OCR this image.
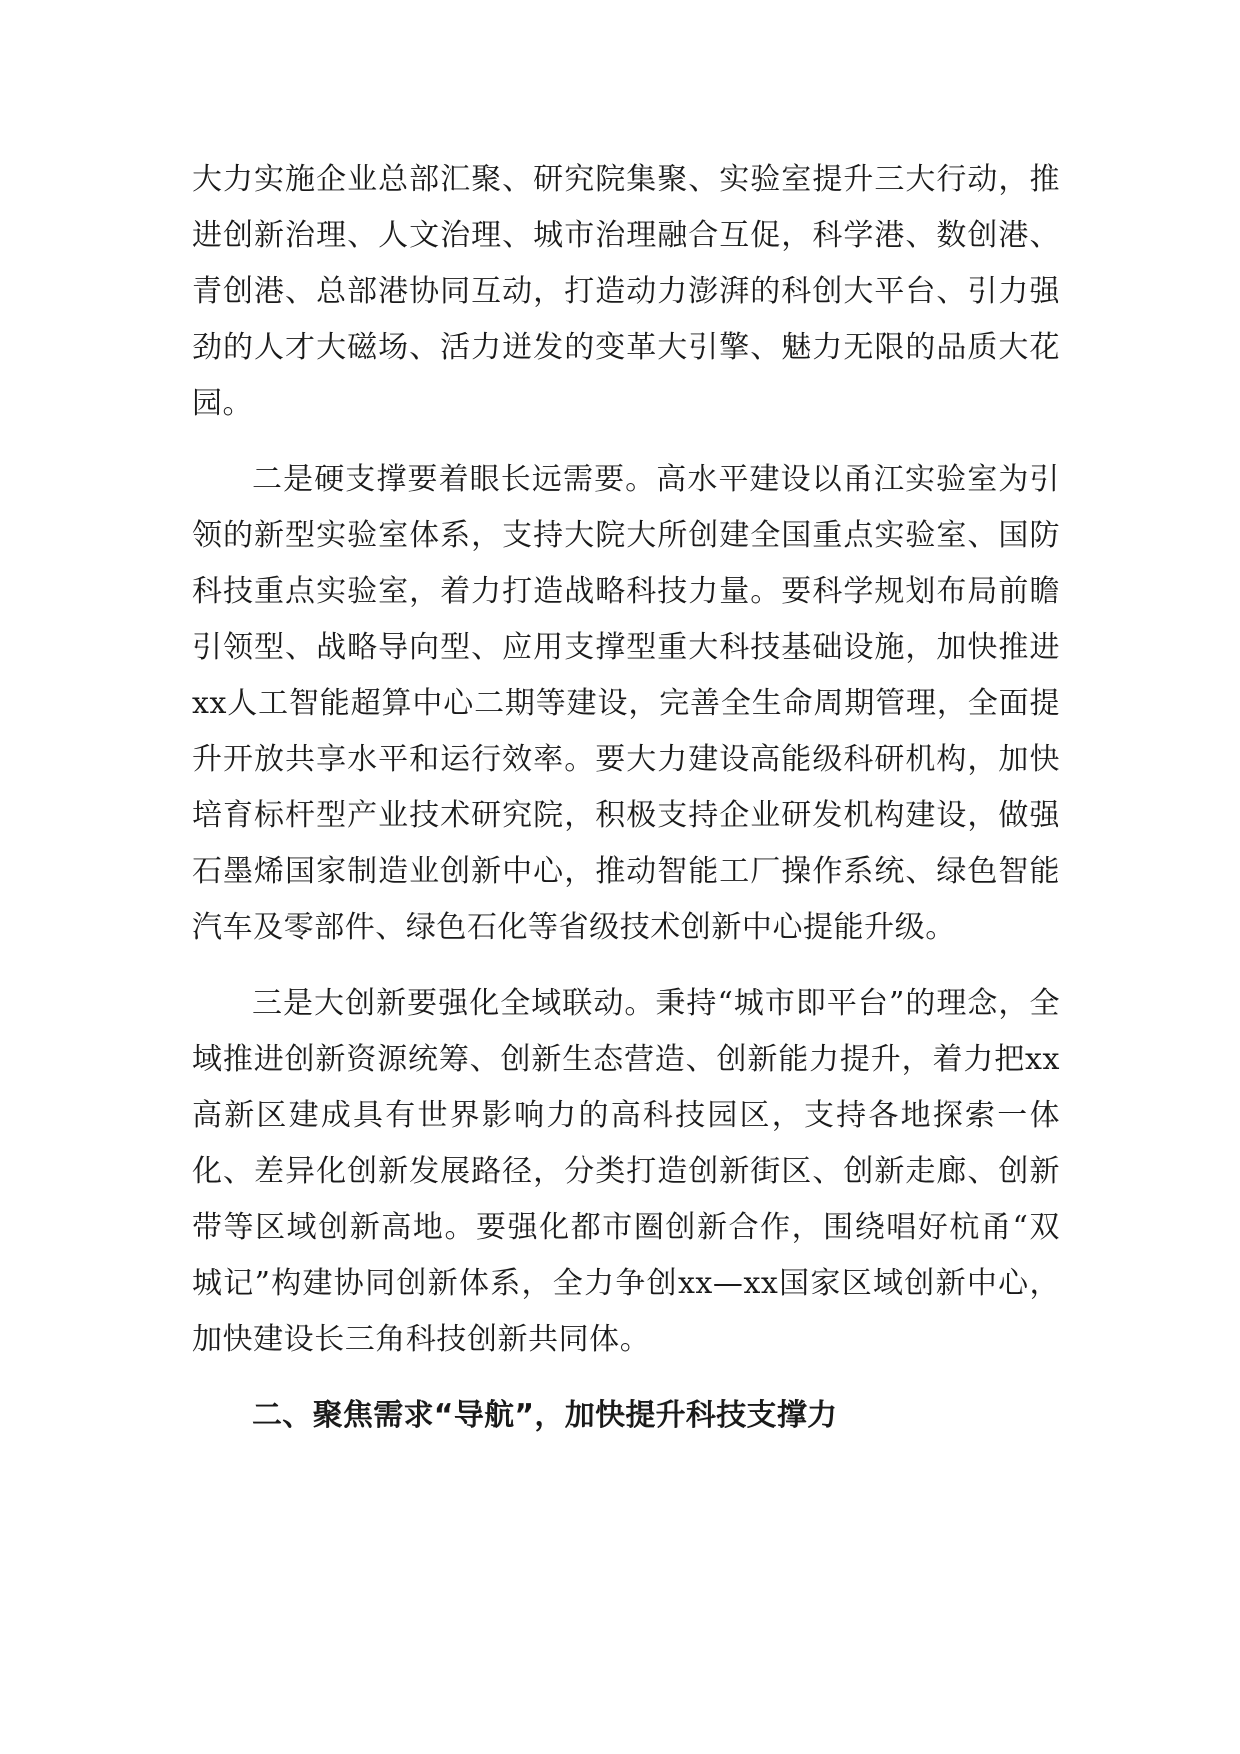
大力实施企业总部汇聚、研究院集聚、实验室提升三大行动，推进创新治理、人文治理、城市治理融合互促，科学港、数创港、青创港、总部港协同互动，打造动力澎湃的科创大平台、引力强劲的人才大磁场、活力迸发的变革大引擎、魅力无限的品质大花园。

二是硬支撑要着眼长远需要。高水平建设以甬江实验室为引领的新型实验室体系，支持大院大所创建全国重点实验室、国防科技重点实验室，着力打造战略科技力量。要科学规划布局前瞻引领型、战略导向型、应用支撑型重大科技基础设施，加快推进xx人工智能超算中心二期等建设，完善全生命周期管理，全面提升开放共享水平和运行效率。要大力建设高能级科研机构，加快培育标杆型产业技术研究院，积极支持企业研发机构建设，做强石墨烯国家制造业创新中心，推动智能工厂操作系统、绿色智能汽车及零部件、绿色石化等省级技术创新中心提能升级。

三是大创新要强化全域联动。秉持“城市即平台”的理念，全域推进创新资源统筹、创新生态营造、创新能力提升，着力把xx高新区建成具有世界影响力的高科技园区，支持各地探索一体化、差异化创新发展路径，分类打造创新街区、创新走廊、创新带等区域创新高地。要强化都市圈创新合作，围绕唱好杭甬“双城记”构建协同创新体系，全力争创xx—xx国家区域创新中心，加快建设长三角科技创新共同体。

二、聚焦需求“导航”，加快提升科技支撑力
